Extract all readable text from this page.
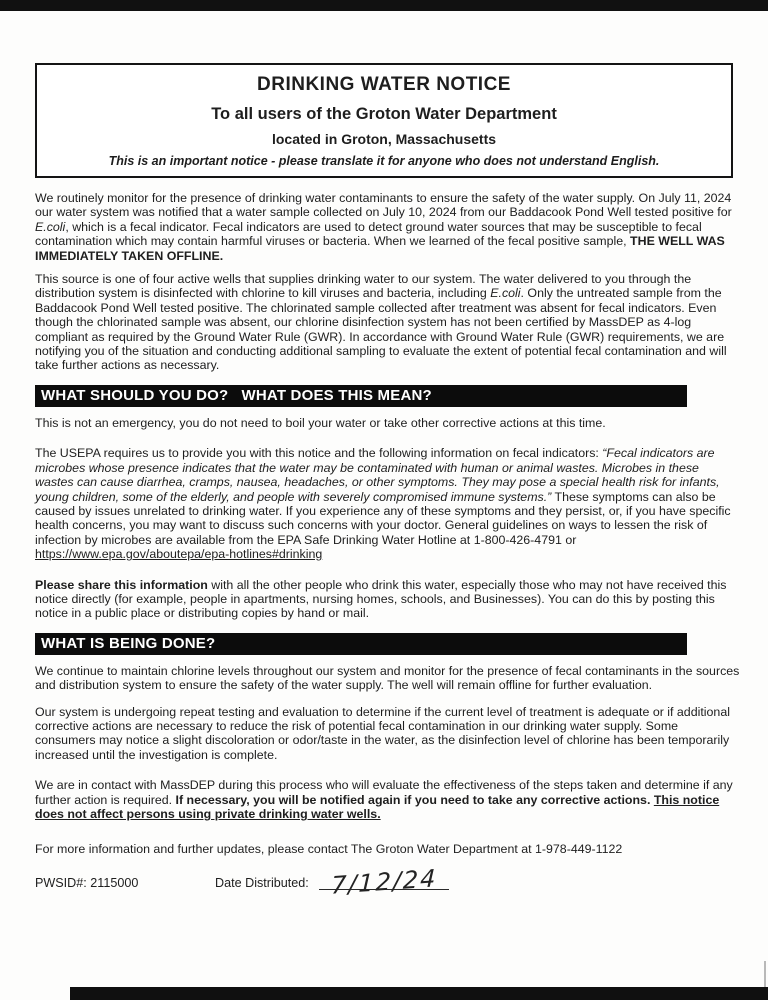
DRINKING WATER NOTICE
To all users of the Groton Water Department
located in Groton, Massachusetts
This is an important notice - please translate it for anyone who does not understand English.
We routinely monitor for the presence of drinking water contaminants to ensure the safety of the water supply. On July 11, 2024 our water system was notified that a water sample collected on July 10, 2024 from our Baddacook Pond Well tested positive for E.coli, which is a fecal indicator. Fecal indicators are used to detect ground water sources that may be susceptible to fecal contamination which may contain harmful viruses or bacteria. When we learned of the fecal positive sample, THE WELL WAS IMMEDIATELY TAKEN OFFLINE.
This source is one of four active wells that supplies drinking water to our system. The water delivered to you through the distribution system is disinfected with chlorine to kill viruses and bacteria, including E.coli. Only the untreated sample from the Baddacook Pond Well tested positive. The chlorinated sample collected after treatment was absent for fecal indicators. Even though the chlorinated sample was absent, our chlorine disinfection system has not been certified by MassDEP as 4-log compliant as required by the Ground Water Rule (GWR). In accordance with Ground Water Rule (GWR) requirements, we are notifying you of the situation and conducting additional sampling to evaluate the extent of potential fecal contamination and will take further actions as necessary.
WHAT SHOULD YOU DO?   WHAT DOES THIS MEAN?
This is not an emergency, you do not need to boil your water or take other corrective actions at this time.
The USEPA requires us to provide you with this notice and the following information on fecal indicators: “Fecal indicators are microbes whose presence indicates that the water may be contaminated with human or animal wastes. Microbes in these wastes can cause diarrhea, cramps, nausea, headaches, or other symptoms. They may pose a special health risk for infants, young children, some of the elderly, and people with severely compromised immune systems.” These symptoms can also be caused by issues unrelated to drinking water. If you experience any of these symptoms and they persist, or, if you have specific health concerns, you may want to discuss such concerns with your doctor. General guidelines on ways to lessen the risk of infection by microbes are available from the EPA Safe Drinking Water Hotline at 1-800-426-4791 or https://www.epa.gov/aboutepa/epa-hotlines#drinking
Please share this information with all the other people who drink this water, especially those who may not have received this notice directly (for example, people in apartments, nursing homes, schools, and Businesses). You can do this by posting this notice in a public place or distributing copies by hand or mail.
WHAT IS BEING DONE?
We continue to maintain chlorine levels throughout our system and monitor for the presence of fecal contaminants in the sources and distribution system to ensure the safety of the water supply. The well will remain offline for further evaluation.
Our system is undergoing repeat testing and evaluation to determine if the current level of treatment is adequate or if additional corrective actions are necessary to reduce the risk of potential fecal contamination in our drinking water supply. Some consumers may notice a slight discoloration or odor/taste in the water, as the disinfection level of chlorine has been temporarily increased until the investigation is complete.
We are in contact with MassDEP during this process who will evaluate the effectiveness of the steps taken and determine if any further action is required. If necessary, you will be notified again if you need to take any corrective actions. This notice does not affect persons using private drinking water wells.
For more information and further updates, please contact The Groton Water Department at 1-978-449-1122
PWSID#: 2115000	Date Distributed: 7/12/24
